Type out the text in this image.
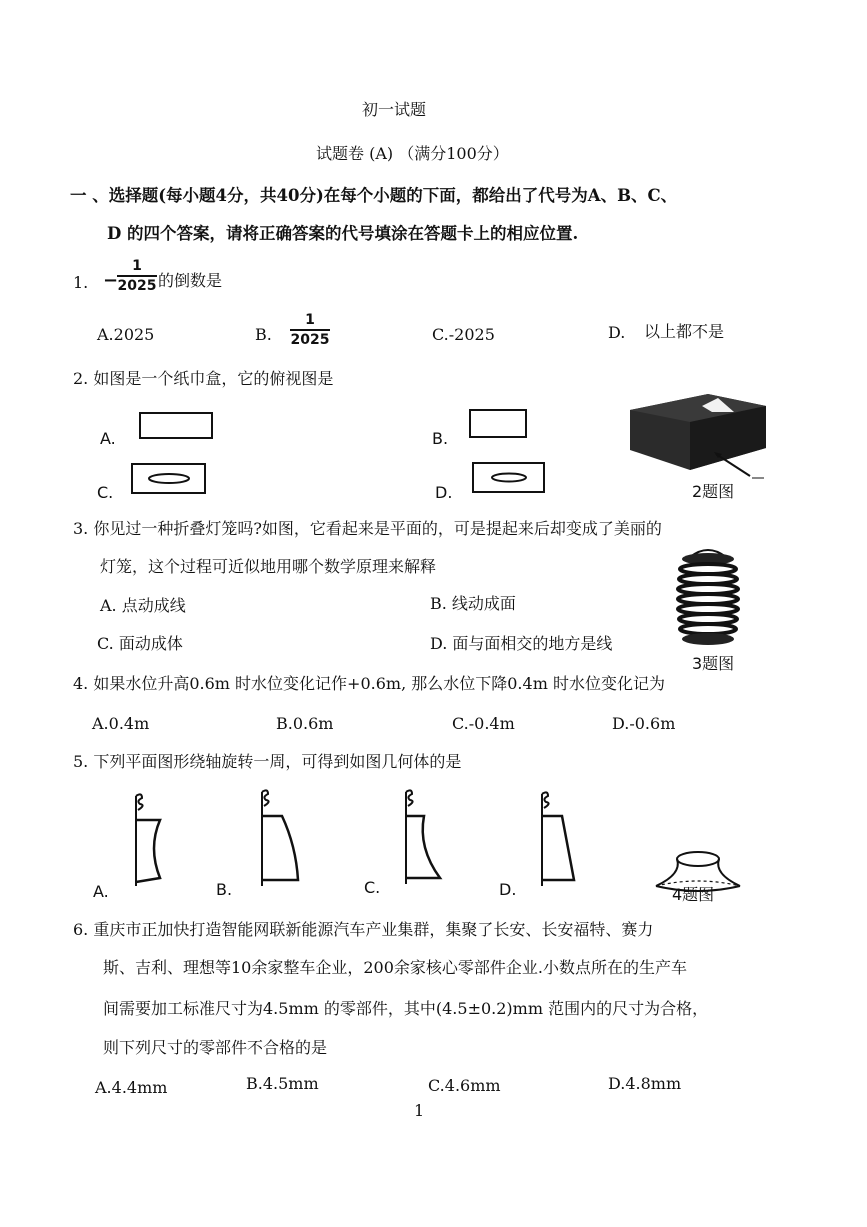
初一试题
试题卷 (A) （满分100分）
一 、选择题(每小题4分，共40分)在每个小题的下面，都给出了代号为A、B、C、
D 的四个答案，请将正确答案的代号填涂在答题卡上的相应位置.
1. −
1
2025 的倒数是
A.2025	B.
1
2025	C.-2025	D. 以上都不是
2. 如图是一个纸巾盒，它的俯视图是
A.	B.
C.	D.	2题图
3. 你见过一种折叠灯笼吗?如图，它看起来是平面的，可是提起来后却变成了美丽的
灯笼，这个过程可近似地用哪个数学原理来解释
A. 点动成线	B. 线动成面
C. 面动成体	D. 面与面相交的地方是线
3题图
4. 如果水位升高0.6m 时水位变化记作+0.6m, 那么水位下降0.4m 时水位变化记为
A.0.4m	B.0.6m	C.-0.4m	D.-0.6m
5. 下列平面图形绕轴旋转一周，可得到如图几何体的是
A.	B.	C.	D.	4题图
6. 重庆市正加快打造智能网联新能源汽车产业集群，集聚了长安、长安福特、赛力
斯、吉利、理想等10余家整车企业，200余家核心零部件企业.小数点所在的生产车
间需要加工标准尺寸为4.5mm 的零部件，其中(4.5±0.2)mm 范围内的尺寸为合格，
则下列尺寸的零部件不合格的是
A.4.4mm	B.4.5mm	C.4.6mm	D.4.8mm
1
